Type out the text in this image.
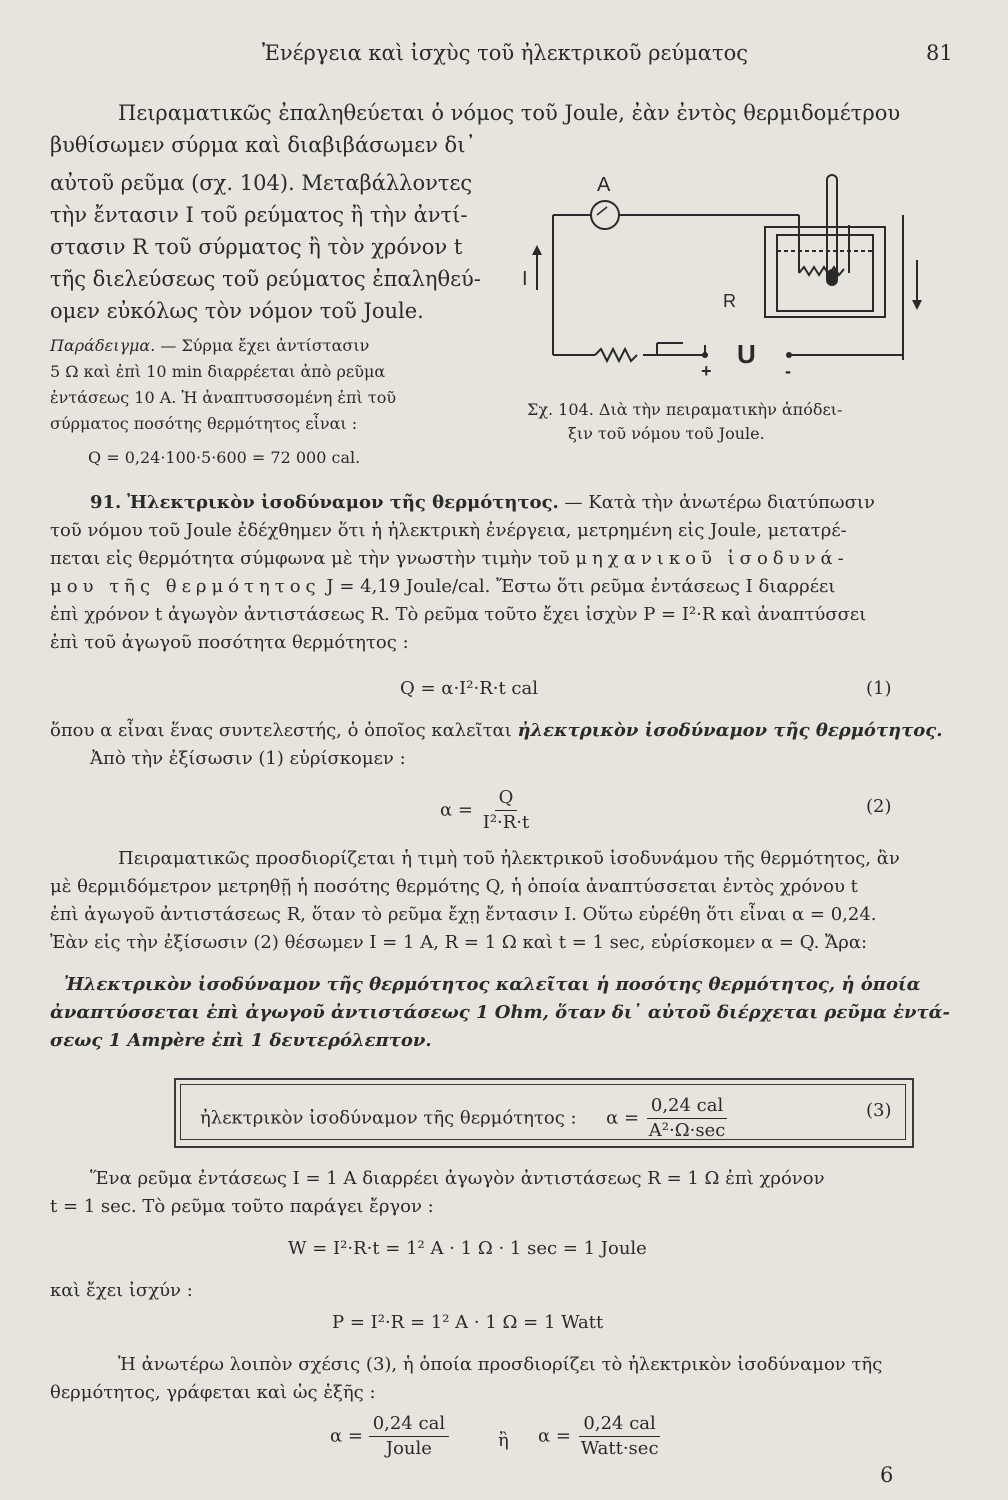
Ἐνέργεια καὶ ἰσχὺς τοῦ ἠλεκτρικοῦ ρεύματος	81
Πειραματικῶς ἐπαληθεύεται ὁ νόμος τοῦ Joule, ἐὰν ἐντὸς θερμιδομέτρου
βυθίσωμεν σύρμα καὶ διαβιβάσωμεν δι᾽
αὐτοῦ ρεῦμα (σχ. 104). Μεταβάλλοντες
τὴν ἔντασιν I τοῦ ρεύματος ἢ τὴν ἀντί-
στασιν R τοῦ σύρματος ἢ τὸν χρόνον t
τῆς διελεύσεως τοῦ ρεύματος ἐπαληθεύ-
ομεν εὐκόλως τὸν νόμον τοῦ Joule.
Παράδειγμα. — Σύρμα ἔχει ἀντίστασιν
5 Ω καὶ ἐπὶ 10 min διαρρέεται ἀπὸ ρεῦμα
ἐντάσεως 10 A. Ἡ ἀναπτυσσομένη ἐπὶ τοῦ
σύρματος ποσότης θερμότητος εἶναι :
Q = 0,24·100·5·600 = 72 000 cal.
A
R
I
U
+	-
Σχ. 104. Διὰ τὴν πειραματικὴν ἀπόδει-
ξιν τοῦ νόμου τοῦ Joule.
91. Ἠλεκτρικὸν ἰσοδύναμον τῆς θερμότητος. — Κατὰ τὴν ἀνωτέρω διατύπωσιν
τοῦ νόμου τοῦ Joule ἐδέχθημεν ὅτι ἡ ἠλεκτρικὴ ἐνέργεια, μετρημένη εἰς Joule, μετατρέ-
πεται εἰς θερμότητα σύμφωνα μὲ τὴν γνωστὴν τιμὴν τοῦ μηχανικοῦ ἰσοδυνά-
μου τῆς θερμότητος J = 4,19 Joule/cal. Ἔστω ὅτι ρεῦμα ἐντάσεως I διαρρέει
ἐπὶ χρόνον t ἀγωγὸν ἀντιστάσεως R. Τὸ ρεῦμα τοῦτο ἔχει ἰσχὺν P = I²·R καὶ ἀναπτύσσει
ἐπὶ τοῦ ἀγωγοῦ ποσότητα θερμότητος :
Q = α·I²·R·t cal	(1)
ὅπου α εἶναι ἕνας συντελεστής, ὁ ὁποῖος καλεῖται ἠλεκτρικὸν ἰσοδύναμον τῆς θερμότητος.
Ἀπὸ τὴν ἐξίσωσιν (1) εὑρίσκομεν :
$\alpha = \frac{Q}{\text{I²·R·t}}$	(2)
Πειραματικῶς προσδιορίζεται ἡ τιμὴ τοῦ ἠλεκτρικοῦ ἰσοδυνάμου τῆς θερμότητος, ἂν
μὲ θερμιδόμετρον μετρηθῇ ἡ ποσότης θερμότης Q, ἡ ὁποία ἀναπτύσσεται ἐντὸς χρόνου t
ἐπὶ ἀγωγοῦ ἀντιστάσεως R, ὅταν τὸ ρεῦμα ἔχῃ ἔντασιν I. Οὕτω εὑρέθη ὅτι εἶναι α = 0,24.
Ἐὰν εἰς τὴν ἐξίσωσιν (2) θέσωμεν I = 1 A, R = 1 Ω καὶ t = 1 sec, εὑρίσκομεν α = Q. Ἄρα:
Ἠλεκτρικὸν ἰσοδύναμον τῆς θερμότητος καλεῖται ἡ ποσότης θερμότητος, ἡ ὁποία
ἀναπτύσσεται ἐπὶ ἀγωγοῦ ἀντιστάσεως 1 Ohm, ὅταν δι᾽ αὐτοῦ διέρχεται ρεῦμα ἐντά-
σεως 1 Ampère ἐπὶ 1 δευτερόλεπτον.
ἠλεκτρικὸν ἰσοδύναμον τῆς θερμότητος : $\alpha = \frac{\text{0,24 cal}}{\text{A²·Ω·sec}}$	(3)
Ἕνα ρεῦμα ἐντάσεως I = 1 A διαρρέει ἀγωγὸν ἀντιστάσεως R = 1 Ω ἐπὶ χρόνον
t = 1 sec. Τὸ ρεῦμα τοῦτο παράγει ἔργον :
W = I²·R·t = 1² A · 1 Ω · 1 sec = 1 Joule
καὶ ἔχει ἰσχύν :
P = I²·R = 1² A · 1 Ω = 1 Watt
Ἡ ἀνωτέρω λοιπὸν σχέσις (3), ἡ ὁποία προσδιορίζει τὸ ἠλεκτρικὸν ἰσοδύναμον τῆς
θερμότητος, γράφεται καὶ ὡς ἑξῆς :
$\alpha = \frac{\text{0,24 cal}}{\text{Joule}}$	ἢ $\alpha = \frac{\text{0,24 cal}}{\text{Watt·sec}}$
6
